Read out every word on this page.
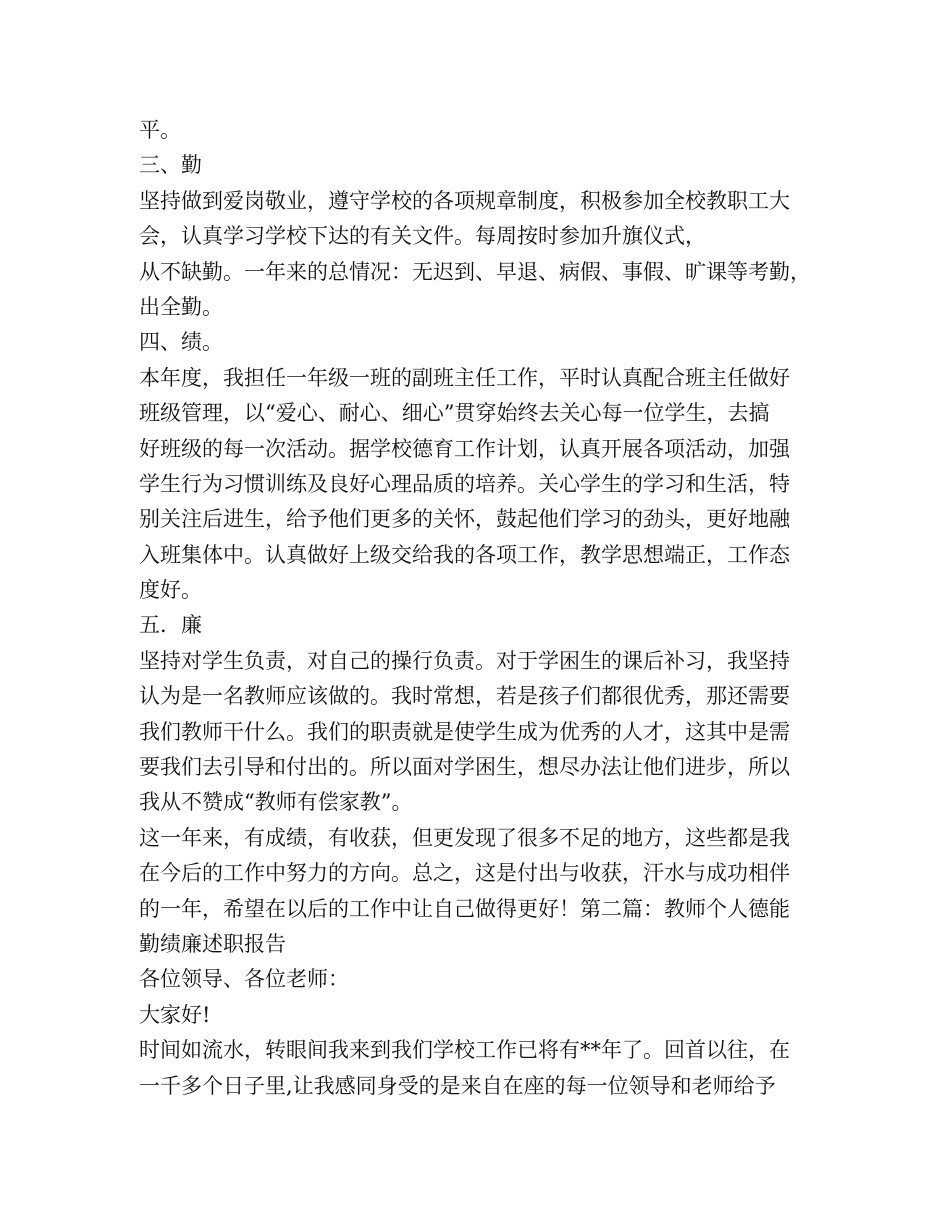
平。
三、勤
坚持做到爱岗敬业，遵守学校的各项规章制度，积极参加全校教职工大
会，认真学习学校下达的有关文件。每周按时参加升旗仪式，
从不缺勤。一年来的总情况：无迟到、早退、病假、事假、旷课等考勤，
出全勤。
四、绩。
本年度，我担任一年级一班的副班主任工作，平时认真配合班主任做好
班级管理，以“爱心、耐心、细心”贯穿始终去关心每一位学生，去搞
好班级的每一次活动。据学校德育工作计划，认真开展各项活动，加强
学生行为习惯训练及良好心理品质的培养。关心学生的学习和生活，特
别关注后进生，给予他们更多的关怀，鼓起他们学习的劲头，更好地融
入班集体中。认真做好上级交给我的各项工作，教学思想端正，工作态
度好。
五．廉
坚持对学生负责，对自己的操行负责。对于学困生的课后补习，我坚持
认为是一名教师应该做的。我时常想，若是孩子们都很优秀，那还需要
我们教师干什么。我们的职责就是使学生成为优秀的人才，这其中是需
要我们去引导和付出的。所以面对学困生，想尽办法让他们进步，所以
我从不赞成“教师有偿家教”。
这一年来，有成绩，有收获，但更发现了很多不足的地方，这些都是我
在今后的工作中努力的方向。总之，这是付出与收获，汗水与成功相伴
的一年，希望在以后的工作中让自己做得更好！第二篇：教师个人德能
勤绩廉述职报告
各位领导、各位老师：
大家好!
时间如流水，转眼间我来到我们学校工作已将有**年了。回首以往，在
一千多个日子里,让我感同身受的是来自在座的每一位领导和老师给予
